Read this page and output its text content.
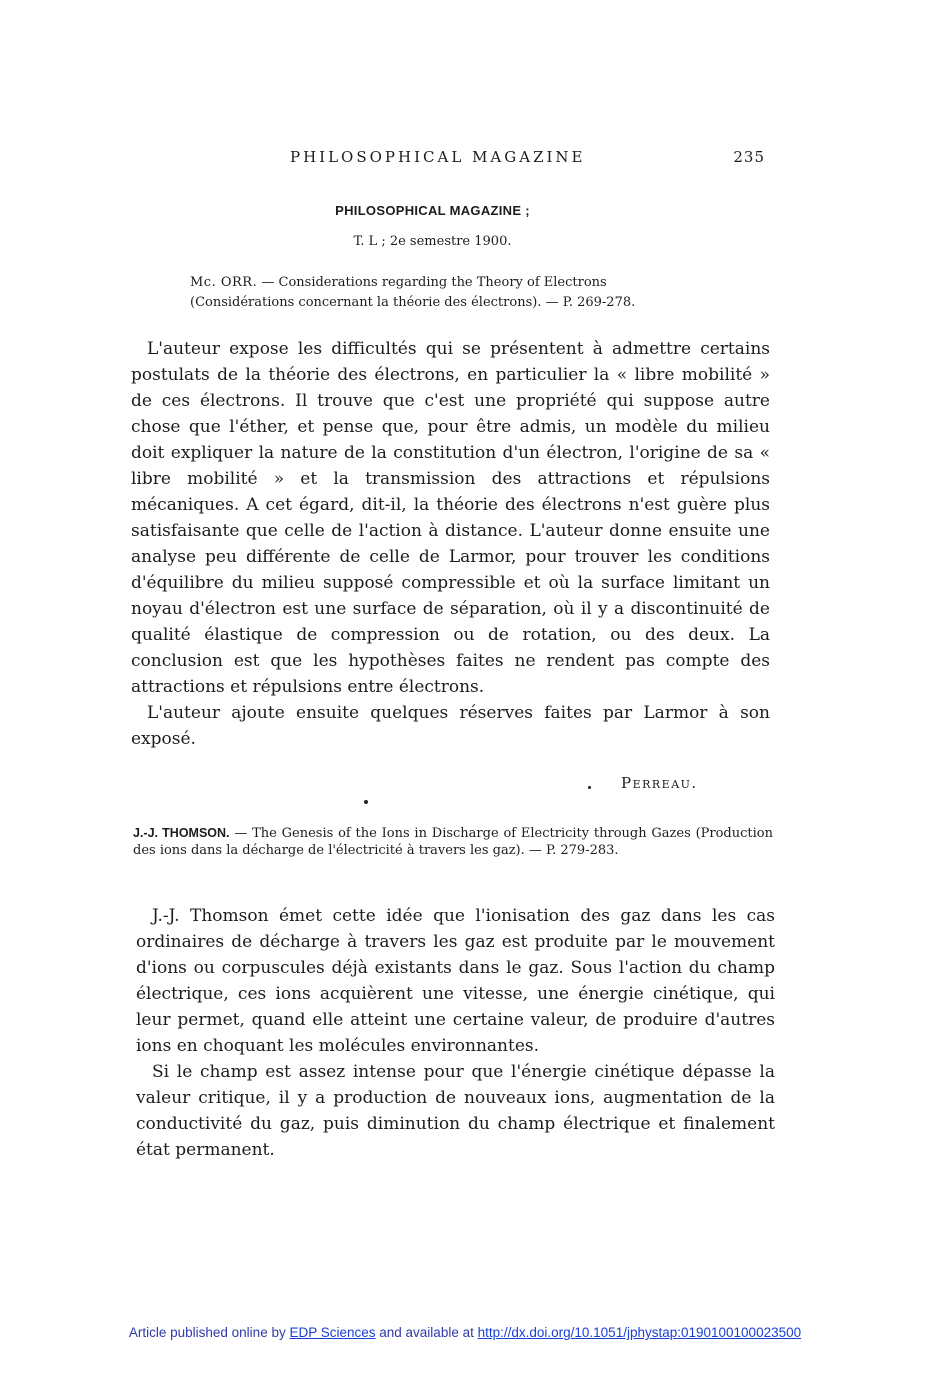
PHILOSOPHICAL MAGAZINE	235
PHILOSOPHICAL MAGAZINE ;
T. L ; 2e semestre 1900.

Mc. ORR. — Considerations regarding the Theory of Electrons (Considérations concernant la théorie des électrons). — P. 269-278.

L'auteur expose les difficultés qui se présentent à admettre certains postulats de la théorie des électrons, en particulier la « libre mobilité » de ces électrons. Il trouve que c'est une propriété qui suppose autre chose que l'éther, et pense que, pour être admis, un modèle du milieu doit expliquer la nature de la constitution d'un électron, l'origine de sa « libre mobilité » et la transmission des attractions et répulsions mécaniques. A cet égard, dit-il, la théorie des électrons n'est guère plus satisfaisante que celle de l'action à distance. L'auteur donne ensuite une analyse peu différente de celle de Larmor, pour trouver les conditions d'équilibre du milieu supposé compressible et où la surface limitant un noyau d'électron est une surface de séparation, où il y a discontinuité de qualité élastique de compression ou de rotation, ou des deux. La conclusion est que les hypothèses faites ne rendent pas compte des attractions et répulsions entre électrons.

L'auteur ajoute ensuite quelques réserves faites par Larmor à son exposé.

Perreau.

J.-J. THOMSON. — The Genesis of the Ions in Discharge of Electricity through Gazes (Production des ions dans la décharge de l'électricité à travers les gaz). — P. 279-283.

J.-J. Thomson émet cette idée que l'ionisation des gaz dans les cas ordinaires de décharge à travers les gaz est produite par le mouvement d'ions ou corpuscules déjà existants dans le gaz. Sous l'action du champ électrique, ces ions acquièrent une vitesse, une énergie cinétique, qui leur permet, quand elle atteint une certaine valeur, de produire d'autres ions en choquant les molécules environnantes.

Si le champ est assez intense pour que l'énergie cinétique dépasse la valeur critique, il y a production de nouveaux ions, augmentation de la conductivité du gaz, puis diminution du champ électrique et finalement état permanent.

Article published online by EDP Sciences and available at http://dx.doi.org/10.1051/jphystap:0190100100023500
